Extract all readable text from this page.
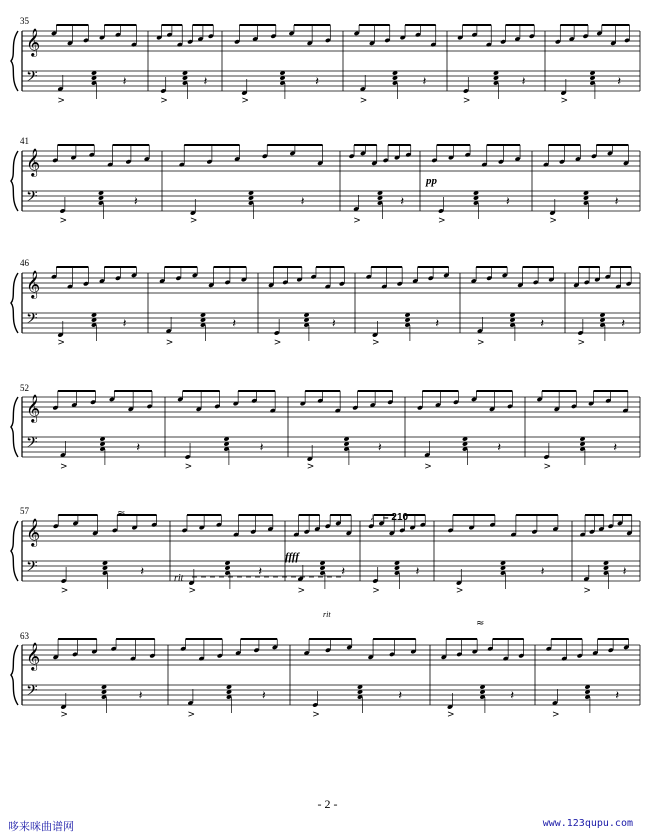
𝄞
𝄢
>
𝄽
>
𝄽
>
𝄽
>
𝄽
>
𝄽
>
𝄽
𝄞
𝄢
>
𝄽
>
𝄽
>
𝄽
>
𝄽
>
𝄽
𝄞
𝄢
>
𝄽
>
𝄽
>
𝄽
>
𝄽
>
𝄽
>
𝄽
𝄞
𝄢
>
𝄽
>
𝄽
>
𝄽
>
𝄽
>
𝄽
𝄞
𝄢
>
𝄽
>
𝄽
>
𝄽
>
𝄽
>
𝄽
>
𝄽
𝄞
𝄢
>
𝄽
>
𝄽
>
𝄽
>
𝄽
>
𝄽
≈
≈
35
41
46
52
57
63
pp
ffff
rit
rit
♩ = 210
- 2 -
哆来咪曲谱网	www.123qupu.com
